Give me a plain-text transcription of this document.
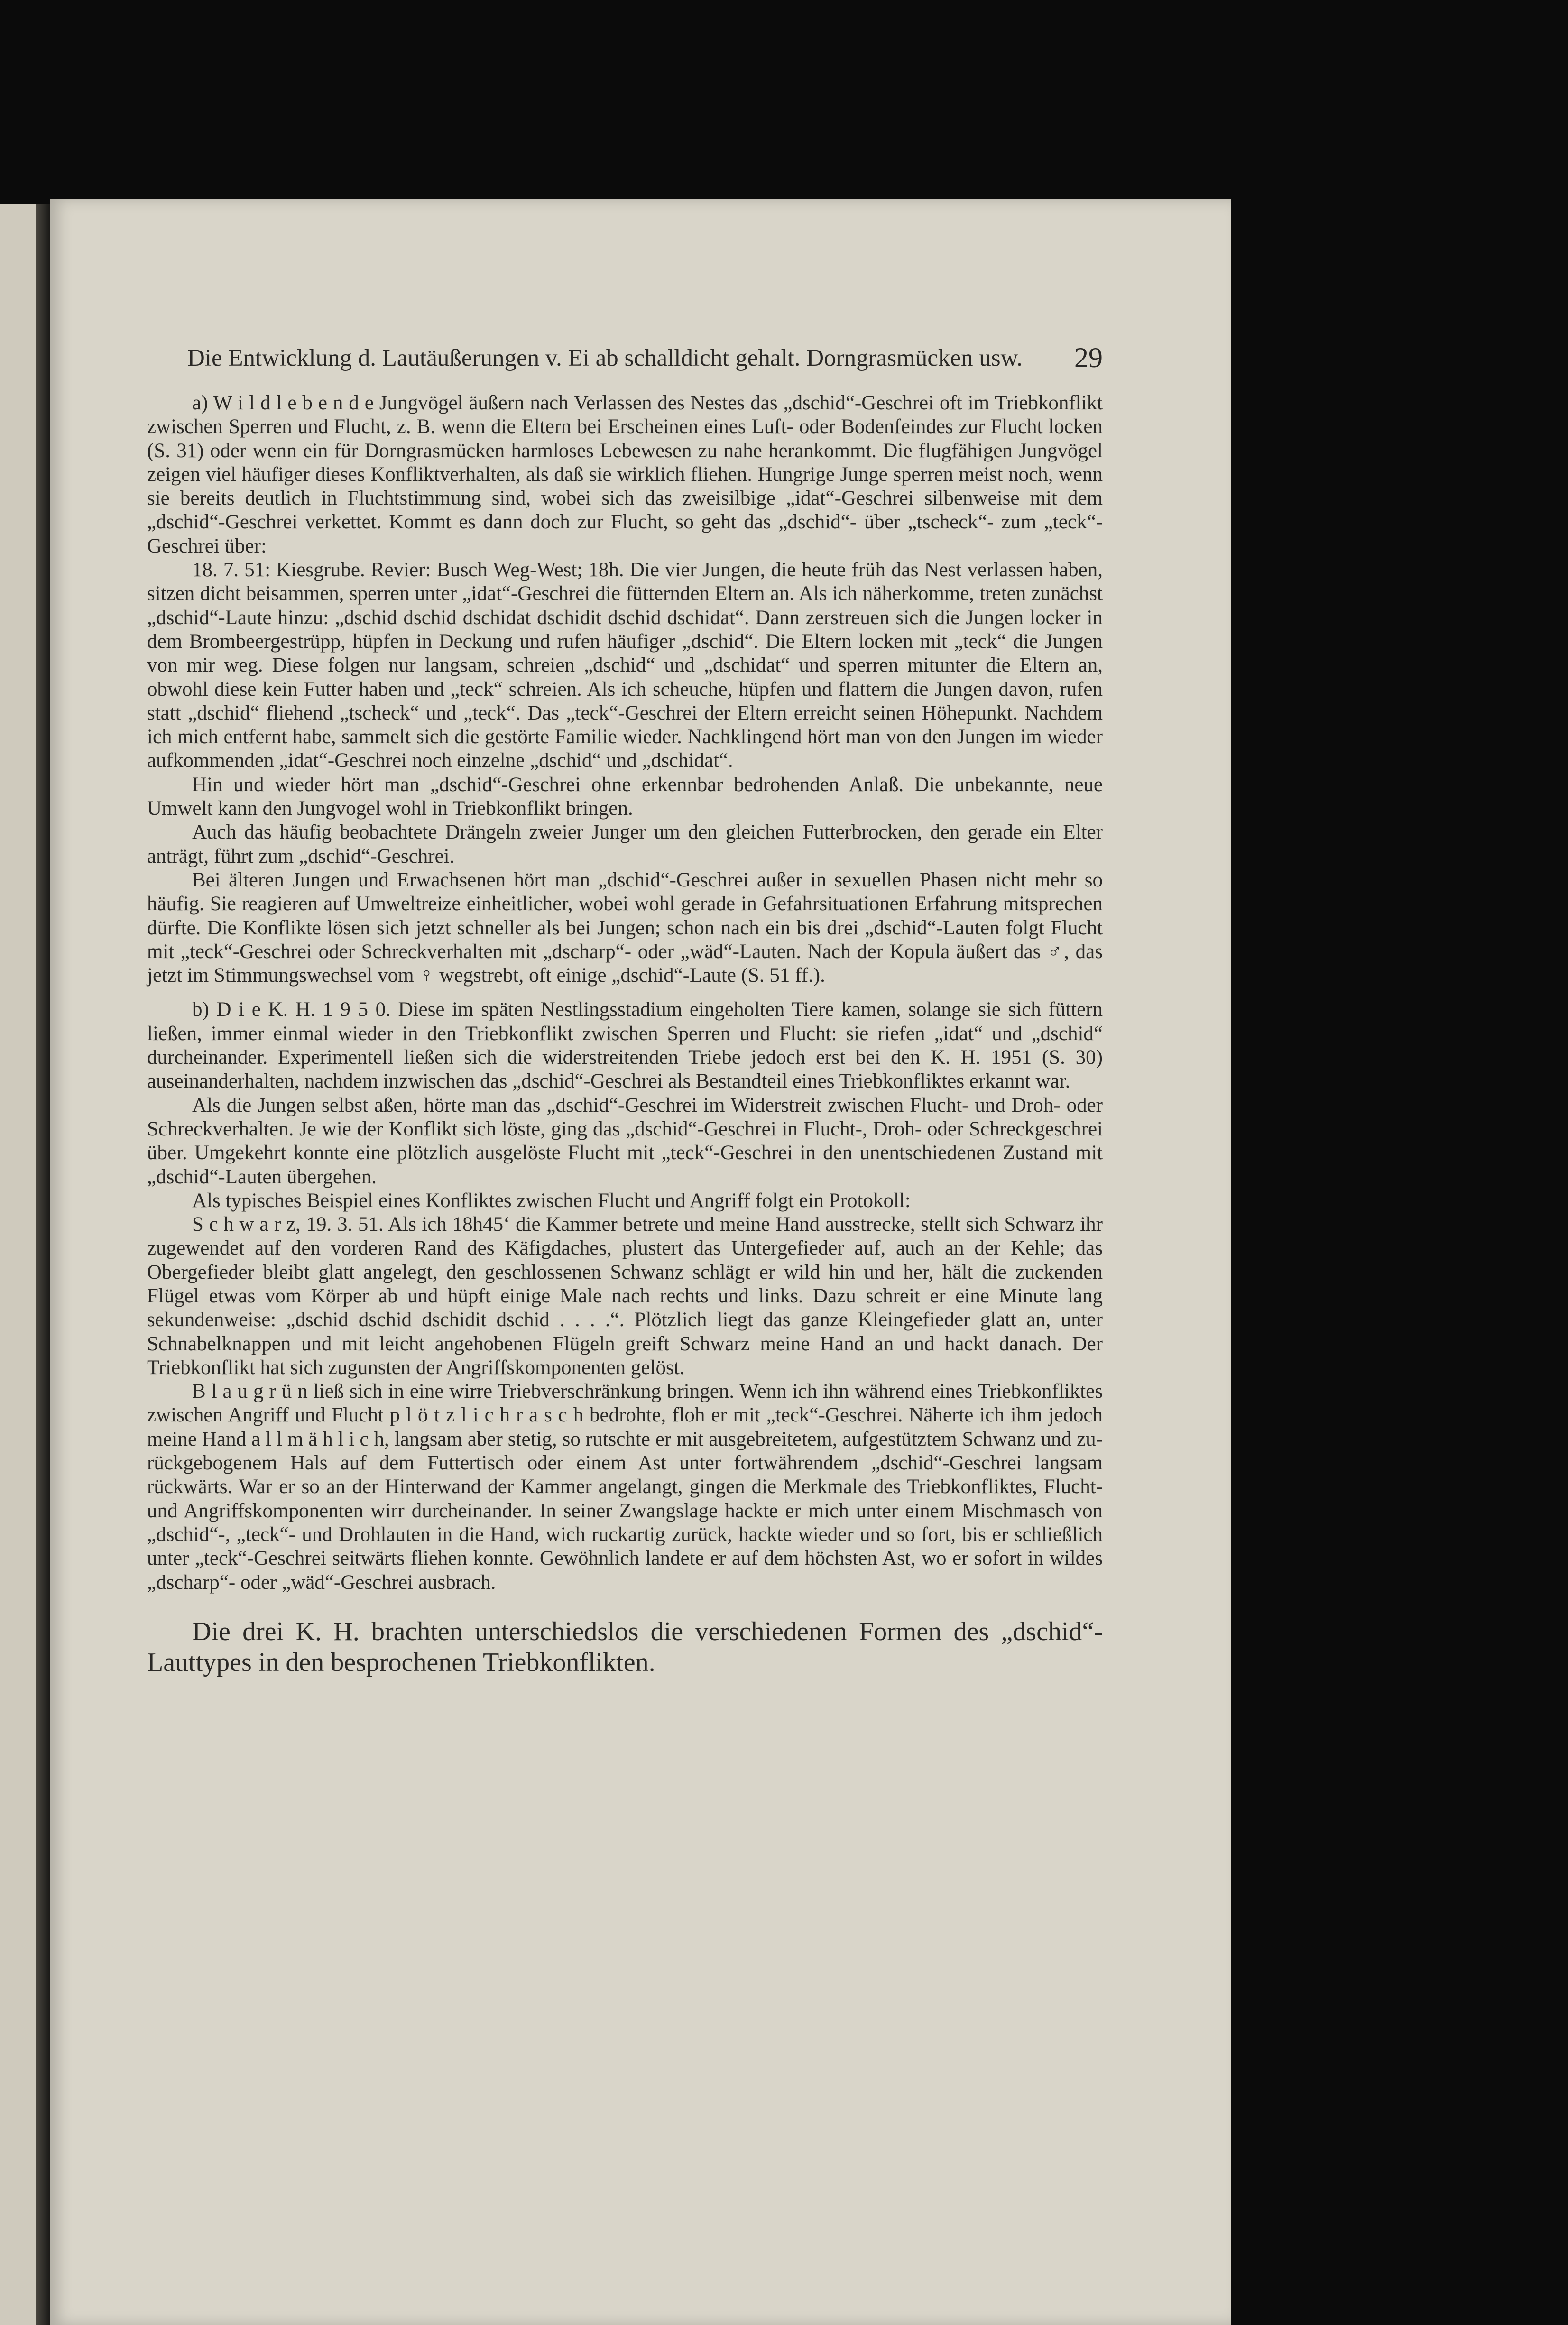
Die Entwicklung d. Lautäußerungen v. Ei ab schalldicht gehalt. Dorngrasmücken usw. 29

a) W i l d l e b e n d e Jungvögel äußern nach Verlassen des Nestes das „dschid“-Geschrei oft im Triebkonflikt zwischen Sperren und Flucht, z. B. wenn die Eltern bei Erscheinen eines Luft- oder Bodenfeindes zur Flucht locken (S. 31) oder wenn ein für Dorngrasmücken harmloses Lebewesen zu nahe herankommt. Die flugfähigen Jungvögel zeigen viel häufiger dieses Konfliktverhalten, als daß sie wirklich fliehen. Hungrige Junge sperren meist noch, wenn sie bereits deutlich in Fluchtstimmung sind, wobei sich das zweisilbige „idat“-Geschrei silbenweise mit dem „dschid“-Geschrei verkettet. Kommt es dann doch zur Flucht, so geht das „dschid“- über „tscheck“- zum „teck“-Geschrei über:

18. 7. 51: Kiesgrube. Revier: Busch Weg-West; 18h. Die vier Jungen, die heute früh das Nest verlassen haben, sitzen dicht beisammen, sperren unter „idat“-Geschrei die fütternden Eltern an. Als ich näherkomme, treten zunächst „dschid“-Laute hinzu: „dschid dschid dschidat dschidit dschid dschidat“. Dann zerstreuen sich die Jungen locker in dem Brombeergestrüpp, hüpfen in Deckung und rufen häufiger „dschid“. Die Eltern locken mit „teck“ die Jungen von mir weg. Diese folgen nur langsam, schreien „dschid“ und „dschidat“ und sperren mitunter die Eltern an, obwohl diese kein Futter haben und „teck“ schreien. Als ich scheuche, hüpfen und flattern die Jungen davon, rufen statt „dschid“ fliehend „tscheck“ und „teck“. Das „teck“-Geschrei der Eltern erreicht seinen Höhepunkt. Nachdem ich mich entfernt habe, sammelt sich die gestörte Familie wieder. Nachklingend hört man von den Jungen im wieder aufkommenden „idat“-Geschrei noch einzelne „dschid“ und „dschidat“.

Hin und wieder hört man „dschid“-Geschrei ohne erkennbar bedrohenden Anlaß. Die unbekannte, neue Umwelt kann den Jungvogel wohl in Triebkonflikt bringen.

Auch das häufig beobachtete Drängeln zweier Junger um den gleichen Futterbrocken, den gerade ein Elter anträgt, führt zum „dschid“-Geschrei.

Bei älteren Jungen und Erwachsenen hört man „dschid“-Geschrei außer in sexuellen Phasen nicht mehr so häufig. Sie reagieren auf Umweltreize einheitlicher, wobei wohl gerade in Gefahrsituationen Erfahrung mitsprechen dürfte. Die Konflikte lösen sich jetzt schneller als bei Jungen; schon nach ein bis drei „dschid“-Lauten folgt Flucht mit „teck“-Geschrei oder Schreckverhalten mit „dscharp“- oder „wäd“-Lauten. Nach der Kopula äußert das ♂, das jetzt im Stimmungswechsel vom ♀ wegstrebt, oft einige „dschid“-Laute (S. 51 ff.).

b) D i e K. H. 1 9 5 0. Diese im späten Nestlingsstadium eingeholten Tiere kamen, solange sie sich füttern ließen, immer einmal wieder in den Triebkonflikt zwischen Sperren und Flucht: sie riefen „idat“ und „dschid“ durcheinander. Experimentell ließen sich die widerstreitenden Triebe jedoch erst bei den K. H. 1951 (S. 30) auseinanderhalten, nachdem inzwischen das „dschid“-Geschrei als Bestandteil eines Triebkonfliktes erkannt war.

Als die Jungen selbst aßen, hörte man das „dschid“-Geschrei im Widerstreit zwischen Flucht- und Droh- oder Schreckverhalten. Je wie der Konflikt sich löste, ging das „dschid“-Geschrei in Flucht-, Droh- oder Schreckgeschrei über. Umgekehrt konnte eine plötzlich ausgelöste Flucht mit „teck“-Geschrei in den unentschiedenen Zustand mit „dschid“-Lauten übergehen.

Als typisches Beispiel eines Konfliktes zwischen Flucht und Angriff folgt ein Protokoll:

S c h w a r z, 19. 3. 51. Als ich 18h45‘ die Kammer betrete und meine Hand ausstrecke, stellt sich Schwarz ihr zugewendet auf den vorderen Rand des Käfigdaches, plustert das Untergefieder auf, auch an der Kehle; das Obergefieder bleibt glatt angelegt, den geschlossenen Schwanz schlägt er wild hin und her, hält die zuckenden Flügel etwas vom Körper ab und hüpft einige Male nach rechts und links. Dazu schreit er eine Minute lang sekundenweise: „dschid dschid dschidit dschid . . . .“. Plötzlich liegt das ganze Kleingefieder glatt an, unter Schnabelknappen und mit leicht angehobenen Flügeln greift Schwarz meine Hand an und hackt danach. Der Triebkonflikt hat sich zugunsten der Angriffskomponenten gelöst.

B l a u g r ü n ließ sich in eine wirre Triebverschränkung bringen. Wenn ich ihn während eines Triebkonfliktes zwischen Angriff und Flucht p l ö t z l i c h r a s c h bedrohte, floh er mit „teck“-Geschrei. Näherte ich ihm jedoch meine Hand a l l m ä h l i c h, langsam aber stetig, so rutschte er mit ausgebreitetem, aufgestütztem Schwanz und zurückgebogenem Hals auf dem Futtertisch oder einem Ast unter fortwährendem „dschid“-Geschrei langsam rückwärts. War er so an der Hinterwand der Kammer angelangt, gingen die Merkmale des Triebkonfliktes, Flucht- und Angriffskomponenten wirr durcheinander. In seiner Zwangslage hackte er mich unter einem Mischmasch von „dschid“-, „teck“- und Drohlauten in die Hand, wich ruckartig zurück, hackte wieder und so fort, bis er schließlich unter „teck“-Geschrei seitwärts fliehen konnte. Gewöhnlich landete er auf dem höchsten Ast, wo er sofort in wildes „dscharp“- oder „wäd“-Geschrei ausbrach.

Die drei K. H. brachten unterschiedslos die verschiedenen Formen des „dschid“-Lauttypes in den besprochenen Triebkonflikten.
